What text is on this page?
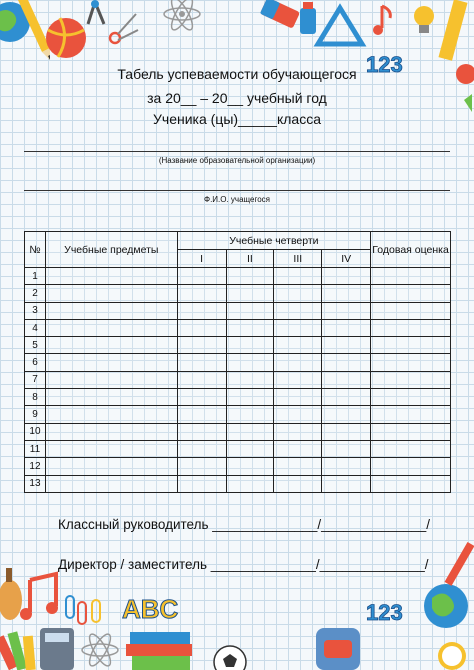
123
ABC	123
Табель успеваемости обучающегося
за 20__ – 20__ учебный год
Ученика (цы)_____класса
(Название образовательной организации)
Ф.И.О. учащегося
№	Учебные предметы	Учебные четверти				Годовая оценка
		I	II	III	IV	
1						
2						
3						
4						
5						
6						
7						
8						
9						
10						
11						
12						
13						
Классный руководитель ______________/______________/
Директор / заместитель ______________/______________/
